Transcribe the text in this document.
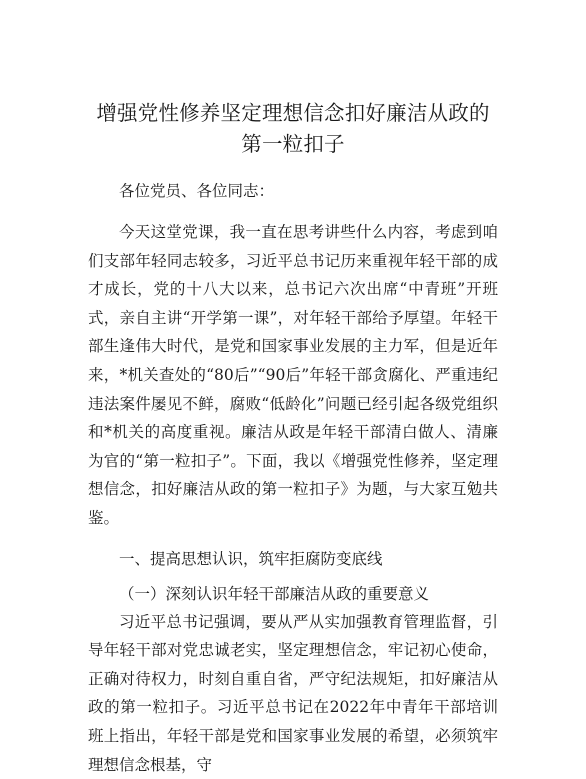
增强党性修养坚定理想信念扣好廉洁从政的第一粒扣子

各位党员、各位同志：

今天这堂党课，我一直在思考讲些什么内容，考虑到咱们支部年轻同志较多，习近平总书记历来重视年轻干部的成才成长，党的十八大以来，总书记六次出席“中青班”开班式，亲自主讲“开学第一课”，对年轻干部给予厚望。年轻干部生逢伟大时代，是党和国家事业发展的主力军，但是近年来，*机关查处的“80后”“90后”年轻干部贪腐化、严重违纪违法案件屡见不鲜，腐败“低龄化”问题已经引起各级党组织和*机关的高度重视。廉洁从政是年轻干部清白做人、清廉为官的“第一粒扣子”。下面，我以《增强党性修养，坚定理想信念，扣好廉洁从政的第一粒扣子》为题，与大家互勉共鉴。

一、提高思想认识，筑牢拒腐防变底线

（一）深刻认识年轻干部廉洁从政的重要意义

习近平总书记强调，要从严从实加强教育管理监督，引导年轻干部对党忠诚老实，坚定理想信念，牢记初心使命，正确对待权力，时刻自重自省，严守纪法规矩，扣好廉洁从政的第一粒扣子。习近平总书记在2022年中青年干部培训班上指出，年轻干部是党和国家事业发展的希望，必须筑牢理想信念根基，守
